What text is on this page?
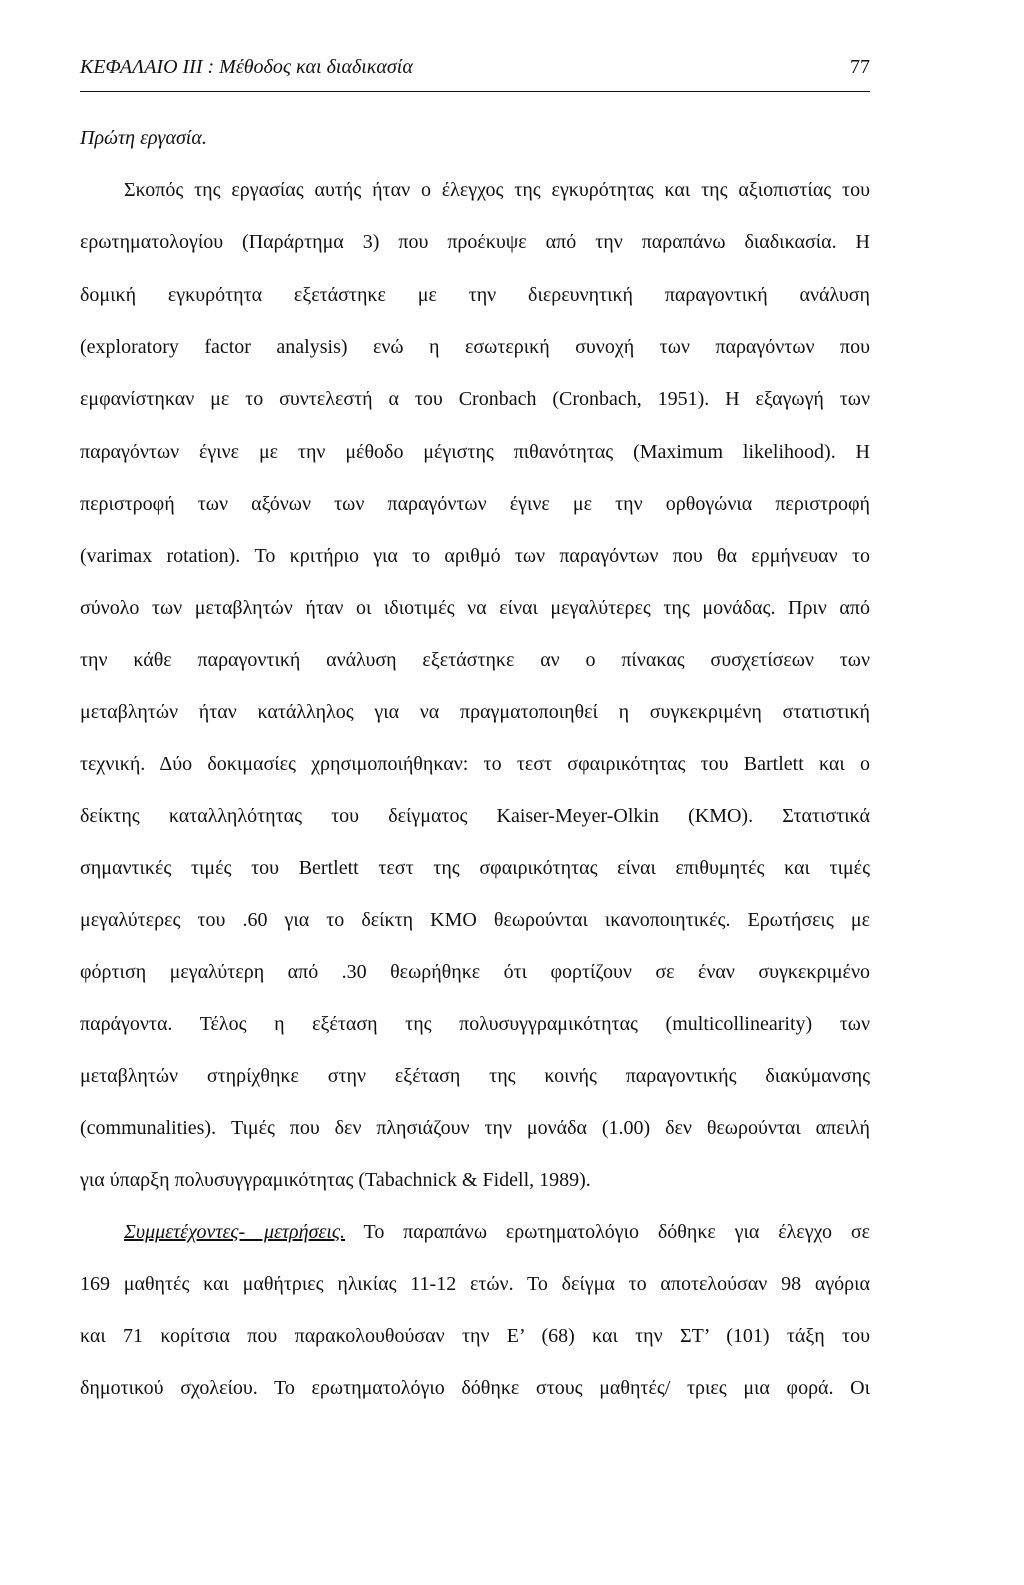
ΚΕΦΑΛΑΙΟ ΙΙΙ : Μέθοδος και διαδικασία	77
Πρώτη εργασία.
Σκοπός της εργασίας αυτής ήταν ο έλεγχος της εγκυρότητας και της αξιοπιστίας του
ερωτηματολογίου (Παράρτημα 3) που προέκυψε από την παραπάνω διαδικασία. Η
δομική εγκυρότητα εξετάστηκε με την διερευνητική παραγοντική ανάλυση
(exploratory factor analysis) ενώ η εσωτερική συνοχή των παραγόντων που
εμφανίστηκαν με το συντελεστή α του Cronbach (Cronbach, 1951). Η εξαγωγή των
παραγόντων έγινε με την μέθοδο μέγιστης πιθανότητας (Maximum likelihood). Η
περιστροφή των αξόνων των παραγόντων έγινε με την ορθογώνια περιστροφή
(varimax rotation). Το κριτήριο για το αριθμό των παραγόντων που θα ερμήνευαν το
σύνολο των μεταβλητών ήταν οι ιδιοτιμές να είναι μεγαλύτερες της μονάδας. Πριν από
την κάθε παραγοντική ανάλυση εξετάστηκε αν ο πίνακας συσχετίσεων των
μεταβλητών ήταν κατάλληλος για να πραγματοποιηθεί η συγκεκριμένη στατιστική
τεχνική. Δύο δοκιμασίες χρησιμοποιήθηκαν: το τεστ σφαιρικότητας του Bartlett και ο
δείκτης καταλληλότητας του δείγματος Kaiser-Meyer-Olkin (KMO). Στατιστικά
σημαντικές τιμές του Bertlett τεστ της σφαιρικότητας είναι επιθυμητές και τιμές
μεγαλύτερες του .60 για το δείκτη KMO θεωρούνται ικανοποιητικές. Ερωτήσεις με
φόρτιση μεγαλύτερη από .30 θεωρήθηκε ότι φορτίζουν σε έναν συγκεκριμένο
παράγοντα. Τέλος η εξέταση της πολυσυγγραμικότητας (multicollinearity) των
μεταβλητών στηρίχθηκε στην εξέταση της κοινής παραγοντικής διακύμανσης
(communalities). Τιμές που δεν πλησιάζουν την μονάδα (1.00) δεν θεωρούνται απειλή
για ύπαρξη πολυσυγγραμικότητας (Tabachnick & Fidell, 1989).
Συμμετέχοντες- μετρήσεις. Το παραπάνω ερωτηματολόγιο δόθηκε για έλεγχο σε
169 μαθητές και μαθήτριες ηλικίας 11-12 ετών. Το δείγμα το αποτελούσαν 98 αγόρια
και 71 κορίτσια που παρακολουθούσαν την Ε’ (68) και την ΣΤ’ (101) τάξη του
δημοτικού σχολείου. Το ερωτηματολόγιο δόθηκε στους μαθητές/ τριες μια φορά. Οι
